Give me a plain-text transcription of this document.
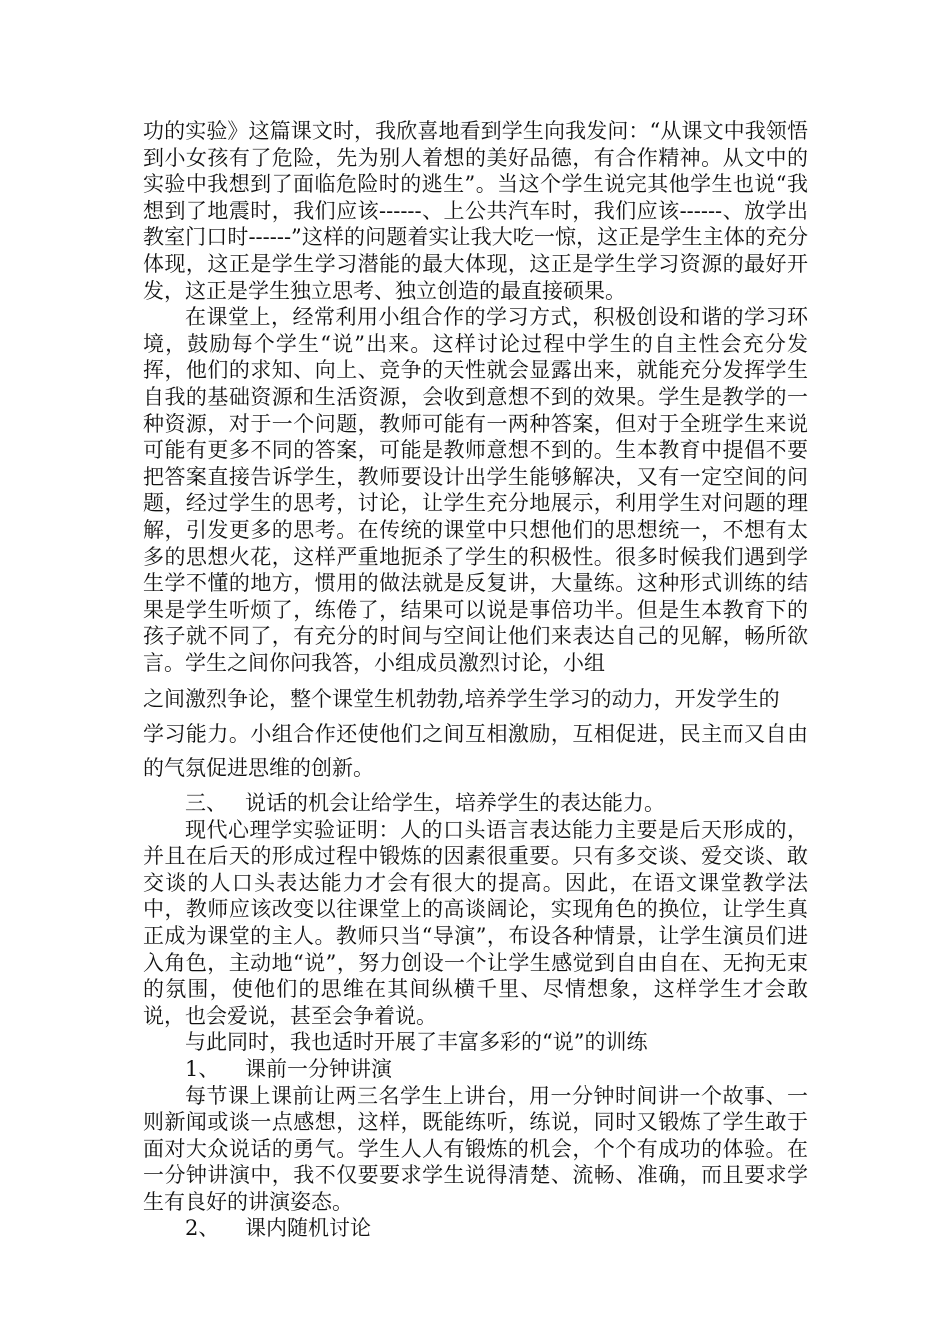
功的实验》这篇课文时，我欣喜地看到学生向我发问：“从课文中我领悟到小女孩有了危险，先为别人着想的美好品德，有合作精神。从文中的实验中我想到了面临危险时的逃生”。当这个学生说完其他学生也说“我想到了地震时，我们应该------、上公共汽车时，我们应该------、放学出教室门口时------”这样的问题着实让我大吃一惊，这正是学生主体的充分体现，这正是学生学习潜能的最大体现，这正是学生学习资源的最好开发，这正是学生独立思考、独立创造的最直接硕果。

在课堂上，经常利用小组合作的学习方式，积极创设和谐的学习环境，鼓励每个学生“说”出来。这样讨论过程中学生的自主性会充分发挥，他们的求知、向上、竞争的天性就会显露出来，就能充分发挥学生自我的基础资源和生活资源，会收到意想不到的效果。学生是教学的一种资源，对于一个问题，教师可能有一两种答案，但对于全班学生来说可能有更多不同的答案，可能是教师意想不到的。生本教育中提倡不要把答案直接告诉学生，教师要设计出学生能够解决，又有一定空间的问题，经过学生的思考，讨论，让学生充分地展示，利用学生对问题的理解，引发更多的思考。在传统的课堂中只想他们的思想统一，不想有太多的思想火花，这样严重地扼杀了学生的积极性。很多时候我们遇到学生学不懂的地方，惯用的做法就是反复讲，大量练。这种形式训练的结果是学生听烦了，练倦了，结果可以说是事倍功半。但是生本教育下的孩子就不同了，有充分的时间与空间让他们来表达自己的见解，畅所欲言。学生之间你问我答，小组成员激烈讨论，小组

之间激烈争论，整个课堂生机勃勃,培养学生学习的动力，开发学生的

学习能力。小组合作还使他们之间互相激励，互相促进，民主而又自由的气氛促进思维的创新。

三、 说话的机会让给学生，培养学生的表达能力。

现代心理学实验证明：人的口头语言表达能力主要是后天形成的，并且在后天的形成过程中锻炼的因素很重要。只有多交谈、爱交谈、敢交谈的人口头表达能力才会有很大的提高。因此，在语文课堂教学法中，教师应该改变以往课堂上的高谈阔论，实现角色的换位，让学生真正成为课堂的主人。教师只当“导演”，布设各种情景，让学生演员们进入角色，主动地“说”，努力创设一个让学生感觉到自由自在、无拘无束的氛围，使他们的思维在其间纵横千里、尽情想象，这样学生才会敢说，也会爱说，甚至会争着说。

与此同时，我也适时开展了丰富多彩的“说”的训练

1、 课前一分钟讲演

每节课上课前让两三名学生上讲台，用一分钟时间讲一个故事、一则新闻或谈一点感想，这样，既能练听，练说，同时又锻炼了学生敢于面对大众说话的勇气。学生人人有锻炼的机会，个个有成功的体验。在一分钟讲演中，我不仅要要求学生说得清楚、流畅、准确，而且要求学生有良好的讲演姿态。

2、 课内随机讨论
